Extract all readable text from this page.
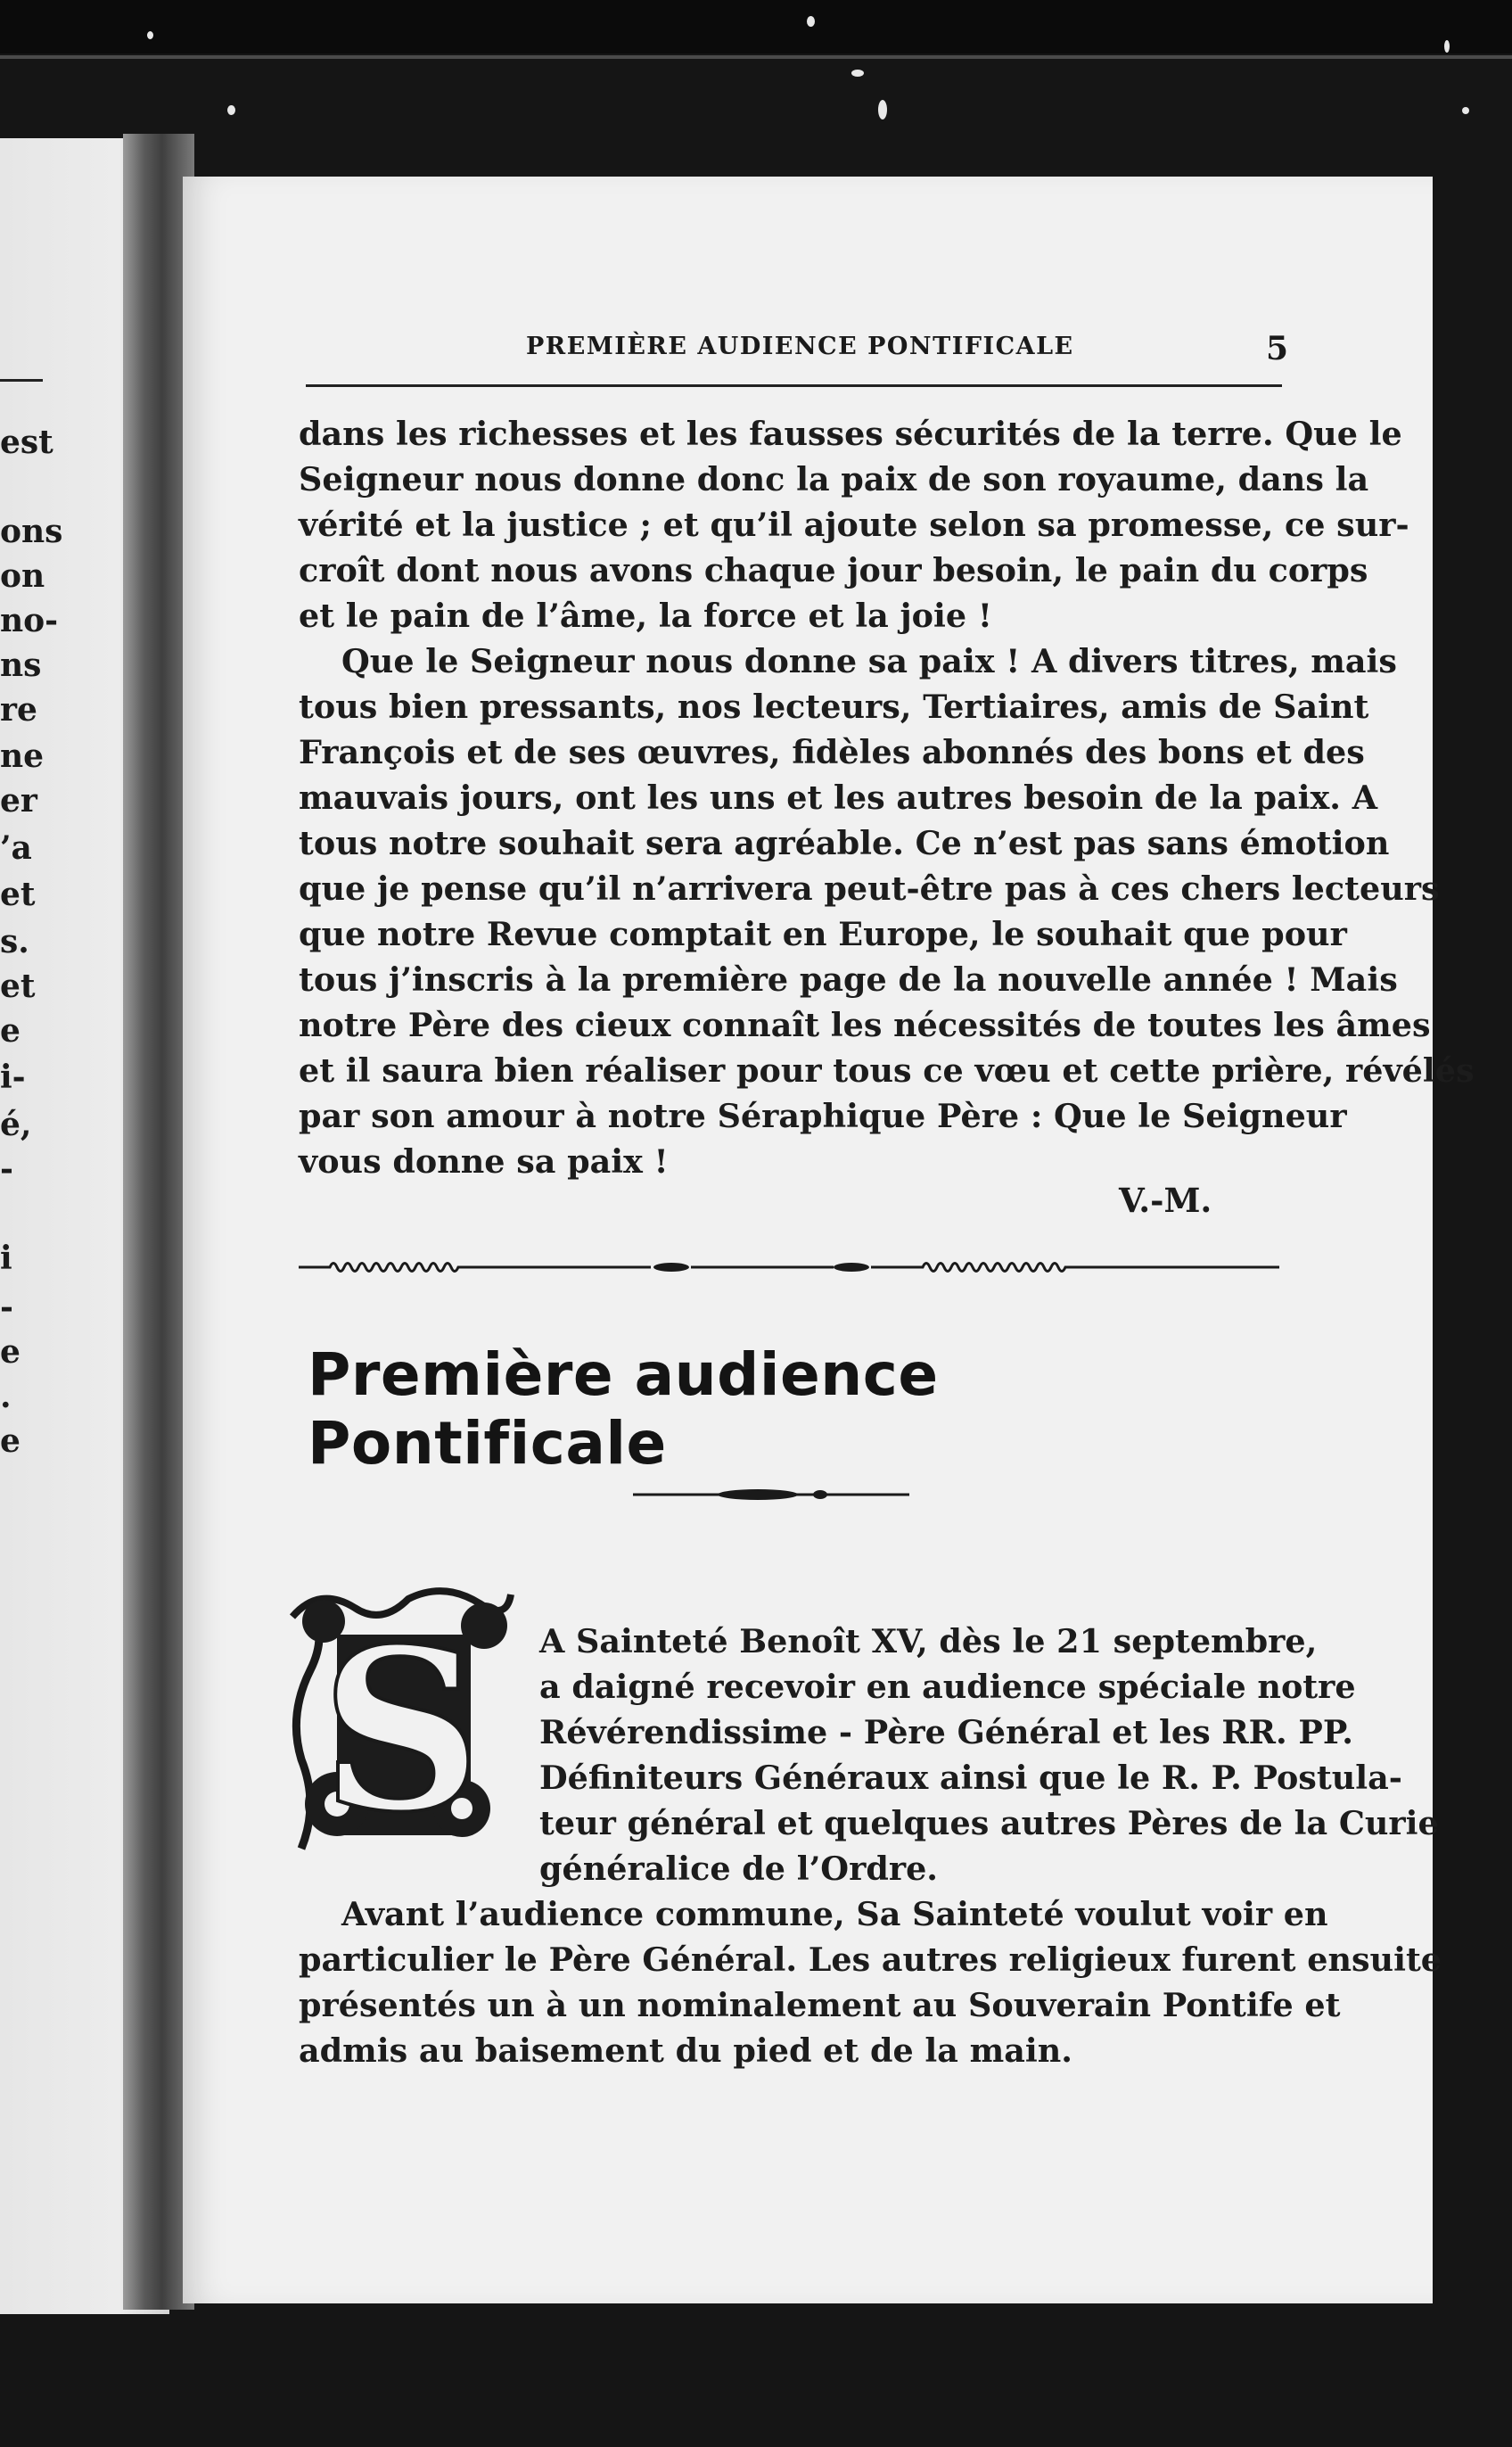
est
ons
on
no-
ns
re
ne
er
’a
et
s.
et
e
i-
é,
-
i
-
e
.
e
PREMIÈRE AUDIENCE PONTIFICALE	5
dans les richesses et les fausses sécurités de la terre. Que le
Seigneur nous donne donc la paix de son royaume, dans la
vérité et la justice ; et qu’il ajoute selon sa promesse, ce sur-
croît dont nous avons chaque jour besoin, le pain du corps
et le pain de l’âme, la force et la joie !
Que le Seigneur nous donne sa paix ! A divers titres, mais
tous bien pressants, nos lecteurs, Tertiaires, amis de Saint
François et de ses œuvres, fidèles abonnés des bons et des
mauvais jours, ont les uns et les autres besoin de la paix. A
tous notre souhait sera agréable. Ce n’est pas sans émotion
que je pense qu’il n’arrivera peut-être pas à ces chers lecteurs
que notre Revue comptait en Europe, le souhait que pour
tous j’inscris à la première page de la nouvelle année ! Mais
notre Père des cieux connaît les nécessités de toutes les âmes
et il saura bien réaliser pour tous ce vœu et cette prière, révélés
par son amour à notre Séraphique Père : Que le Seigneur
vous donne sa paix !
V.-M.
Première audience Pontificale
S A Sainteté Benoît XV, dès le 21 septembre,
a daigné recevoir en audience spéciale notre
Révérendissime - Père Général et les RR. PP.
Définiteurs Généraux ainsi que le R. P. Postula-
teur général et quelques autres Pères de la Curie
généralice de l’Ordre.
Avant l’audience commune, Sa Sainteté voulut voir en
particulier le Père Général. Les autres religieux furent ensuite
présentés un à un nominalement au Souverain Pontife et
admis au baisement du pied et de la main.
